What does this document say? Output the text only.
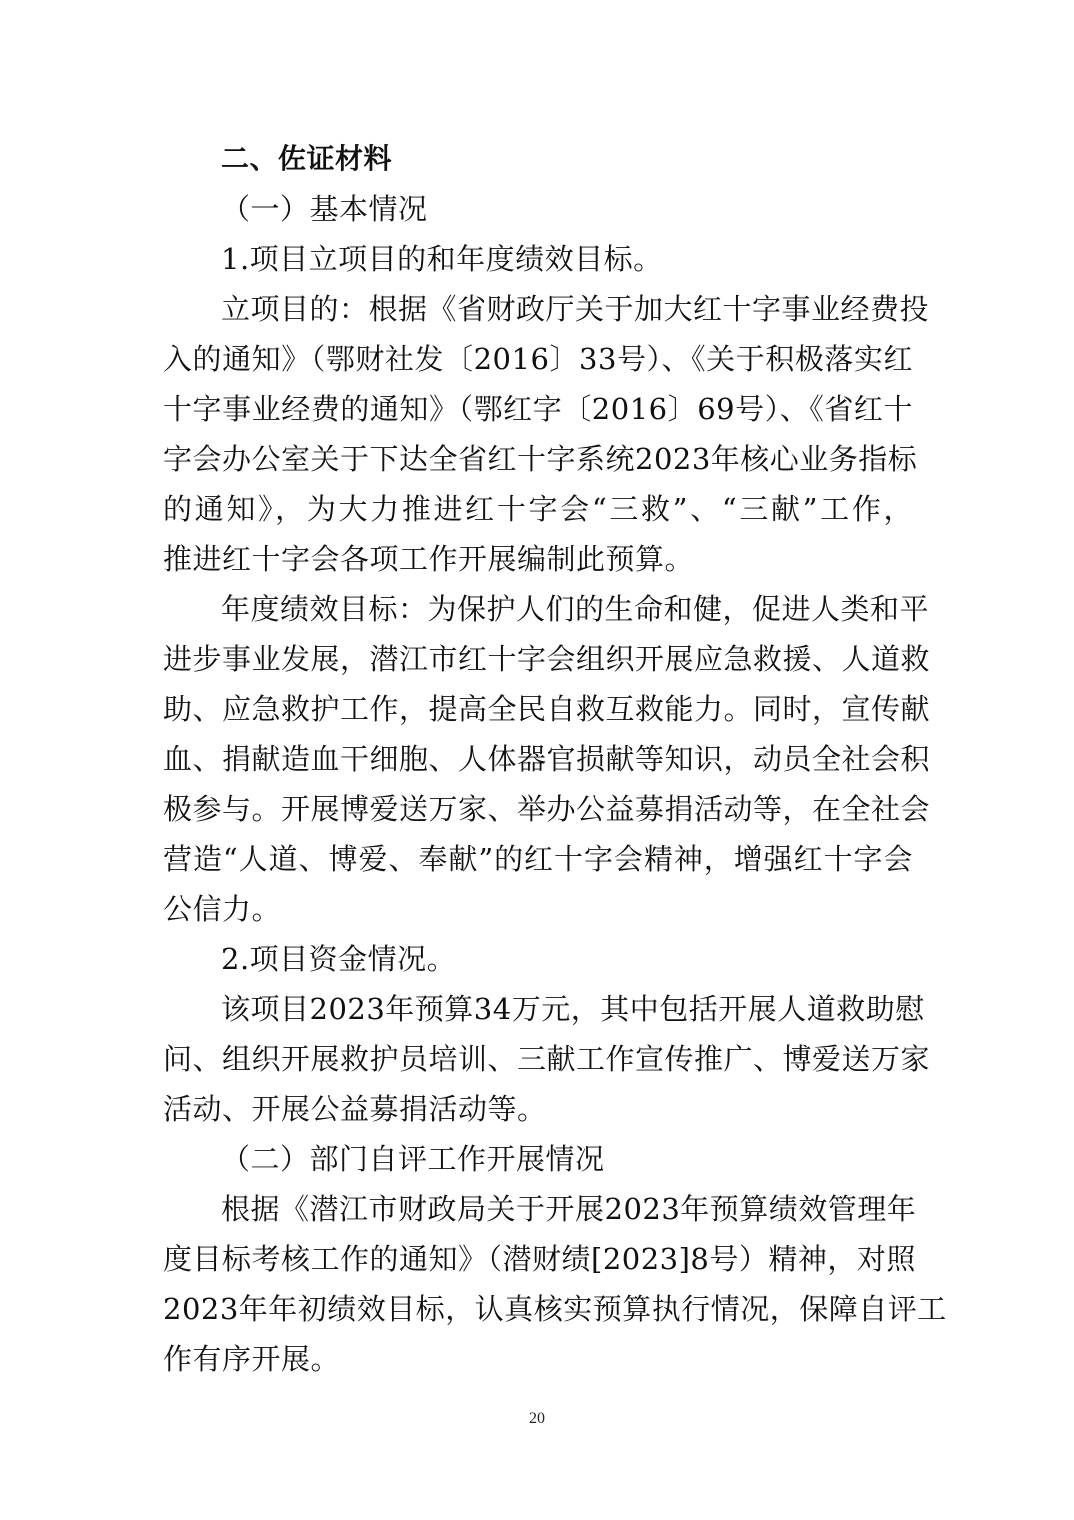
二、佐证材料
（一）基本情况
1.项目立项目的和年度绩效目标。
立项目的：根据《省财政厅关于加大红十字事业经费投
入的通知》（鄂财社发〔2016〕33号）、《关于积极落实红
十字事业经费的通知》（鄂红字〔2016〕69号）、《省红十
字会办公室关于下达全省红十字系统2023年核心业务指标
的通知》，为大力推进红十字会“三救”、“三献”工作，
推进红十字会各项工作开展编制此预算。
年度绩效目标：为保护人们的生命和健，促进人类和平
进步事业发展，潜江市红十字会组织开展应急救援、人道救
助、应急救护工作，提高全民自救互救能力。同时，宣传献
血、捐献造血干细胞、人体器官损献等知识，动员全社会积
极参与。开展博爱送万家、举办公益募捐活动等，在全社会
营造“人道、博爱、奉献”的红十字会精神，增强红十字会
公信力。
2.项目资金情况。
该项目2023年预算34万元，其中包括开展人道救助慰
问、组织开展救护员培训、三献工作宣传推广、博爱送万家
活动、开展公益募捐活动等。
（二）部门自评工作开展情况
根据《潜江市财政局关于开展2023年预算绩效管理年
度目标考核工作的通知》（潜财绩[2023]8号）精神，对照
2023年年初绩效目标，认真核实预算执行情况，保障自评工
作有序开展。
20
